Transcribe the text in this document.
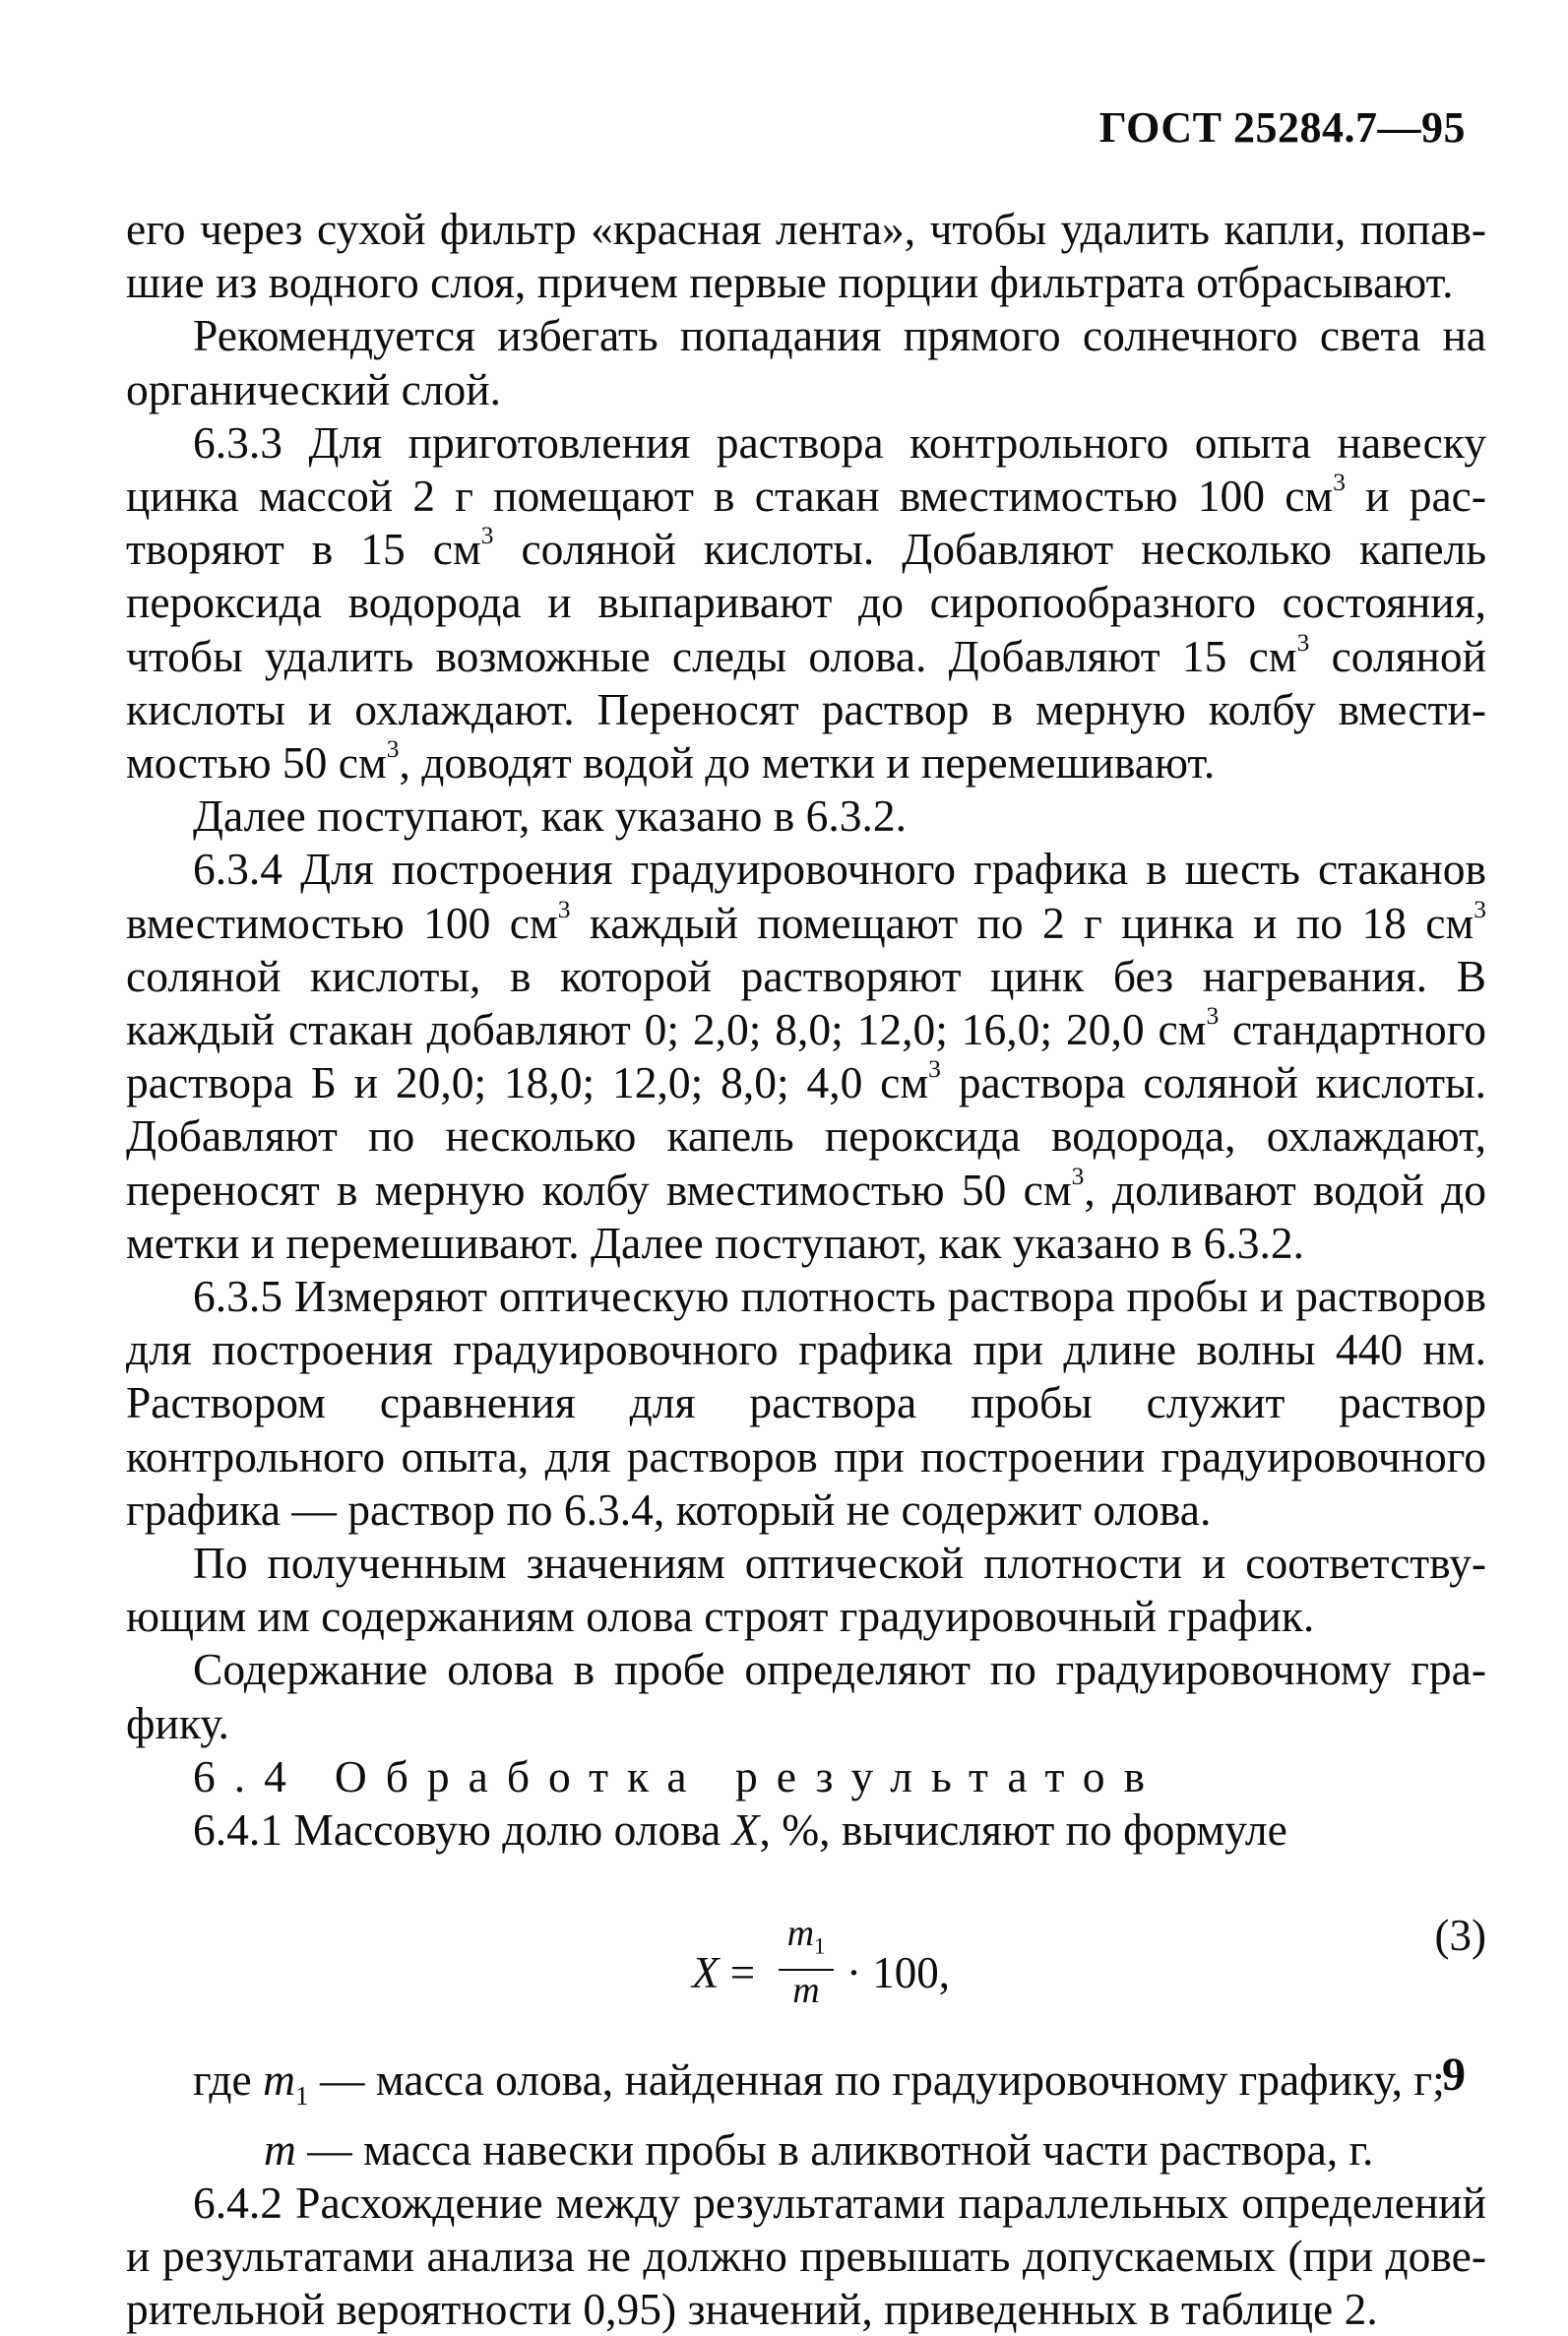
ГОСТ 25284.7—95

его через сухой фильтр «красная лента», чтобы удалить капли, попавшие из водного слоя, причем первые порции фильтрата отбрасывают.

Рекомендуется избегать попадания прямого солнечного света на органический слой.

6.3.3 Для приготовления раствора контрольного опыта навеску цинка массой 2 г помещают в стакан вместимостью 100 $см^3$ и растворяют в 15 $см^3$ соляной кислоты. Добавляют несколько капель пероксида водорода и выпаривают до сиропообразного состояния, чтобы удалить возможные следы олова. Добавляют 15 $см^3$ соляной кислоты и охлаждают. Переносят раствор в мерную колбу вместимостью 50 $см^3$, доводят водой до метки и перемешивают.

Далее поступают, как указано в 6.3.2.

6.3.4 Для построения градуировочного графика в шесть стаканов вместимостью 100 $см^3$ каждый помещают по 2 г цинка и по 18 $см^3$ соляной кислоты, в которой растворяют цинк без нагревания. В каждый стакан добавляют 0; 2,0; 8,0; 12,0; 16,0; 20,0 $см^3$ стандартного раствора Б и 20,0; 18,0; 12,0; 8,0; 4,0 $см^3$ раствора соляной кислоты. Добавляют по несколько капель пероксида водорода, охлаждают, переносят в мерную колбу вместимостью 50 $см^3$, доливают водой до метки и перемешивают. Далее поступают, как указано в 6.3.2.

6.3.5 Измеряют оптическую плотность раствора пробы и растворов для построения градуировочного графика при длине волны 440 нм. Раствором сравнения для раствора пробы служит раствор контрольного опыта, для растворов при построении градуировочного графика — раствор по 6.3.4, который не содержит олова.

По полученным значениям оптической плотности и соответствующим им содержаниям олова строят градуировочный график.

Содержание олова в пробе определяют по градуировочному графику.

6.4 Обработка результатов

6.4.1 Массовую долю олова X, %, вычисляют по формуле

$X = \frac{m_1}{m} \cdot 100$,
(3)
где $m_1$ — масса олова, найденная по градуировочному графику, г;
m — масса навески пробы в аликвотной части раствора, г.

6.4.2 Расхождение между результатами параллельных определений и результатами анализа не должно превышать допускаемых (при доверительной вероятности 0,95) значений, приведенных в таблице 2.

9
